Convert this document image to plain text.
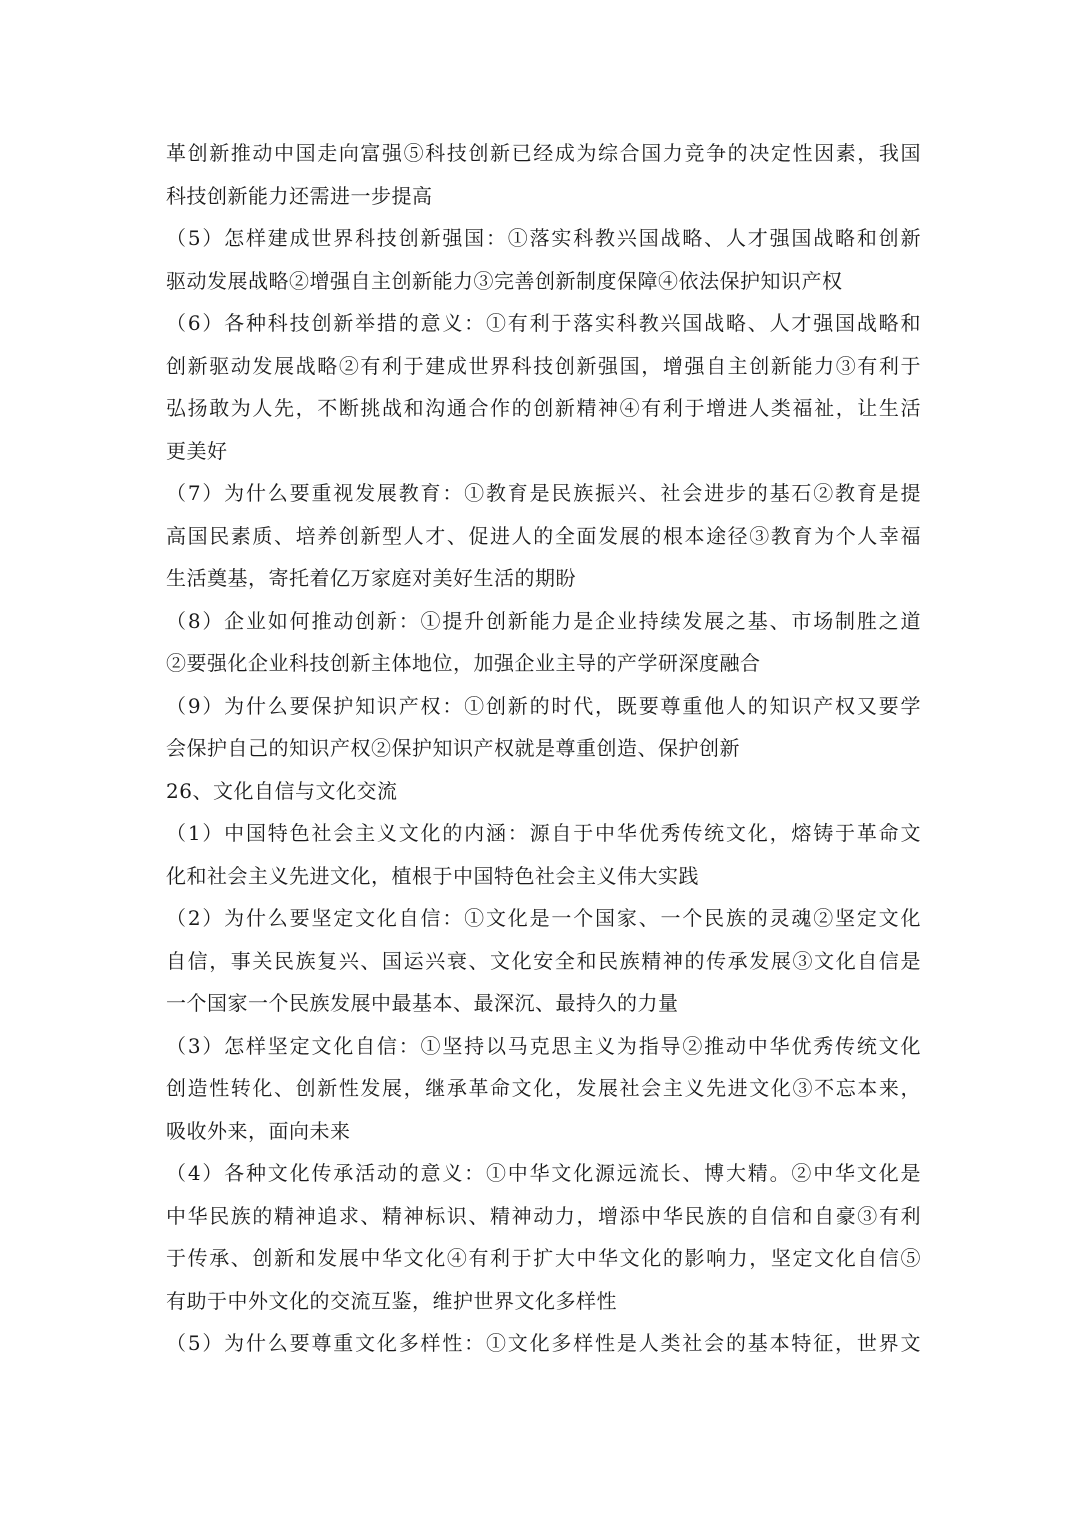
革创新推动中国走向富强⑤科技创新已经成为综合国力竞争的决定性因素，我国
科技创新能力还需进一步提高
（5）怎样建成世界科技创新强国：①落实科教兴国战略、人才强国战略和创新
驱动发展战略②增强自主创新能力③完善创新制度保障④依法保护知识产权
（6）各种科技创新举措的意义：①有利于落实科教兴国战略、人才强国战略和
创新驱动发展战略②有利于建成世界科技创新强国，增强自主创新能力③有利于
弘扬敢为人先，不断挑战和沟通合作的创新精神④有利于增进人类福祉，让生活
更美好
（7）为什么要重视发展教育：①教育是民族振兴、社会进步的基石②教育是提
高国民素质、培养创新型人才、促进人的全面发展的根本途径③教育为个人幸福
生活奠基，寄托着亿万家庭对美好生活的期盼
（8）企业如何推动创新：①提升创新能力是企业持续发展之基、市场制胜之道
②要强化企业科技创新主体地位，加强企业主导的产学研深度融合
（9）为什么要保护知识产权：①创新的时代，既要尊重他人的知识产权又要学
会保护自己的知识产权②保护知识产权就是尊重创造、保护创新
26、文化自信与文化交流
（1）中国特色社会主义文化的内涵：源自于中华优秀传统文化，熔铸于革命文
化和社会主义先进文化，植根于中国特色社会主义伟大实践
（2）为什么要坚定文化自信：①文化是一个国家、一个民族的灵魂②坚定文化
自信，事关民族复兴、国运兴衰、文化安全和民族精神的传承发展③文化自信是
一个国家一个民族发展中最基本、最深沉、最持久的力量
（3）怎样坚定文化自信：①坚持以马克思主义为指导②推动中华优秀传统文化
创造性转化、创新性发展，继承革命文化，发展社会主义先进文化③不忘本来，
吸收外来，面向未来
（4）各种文化传承活动的意义：①中华文化源远流长、博大精。②中华文化是
中华民族的精神追求、精神标识、精神动力，增添中华民族的自信和自豪③有利
于传承、创新和发展中华文化④有利于扩大中华文化的影响力，坚定文化自信⑤
有助于中外文化的交流互鉴，维护世界文化多样性
（5）为什么要尊重文化多样性：①文化多样性是人类社会的基本特征，世界文
